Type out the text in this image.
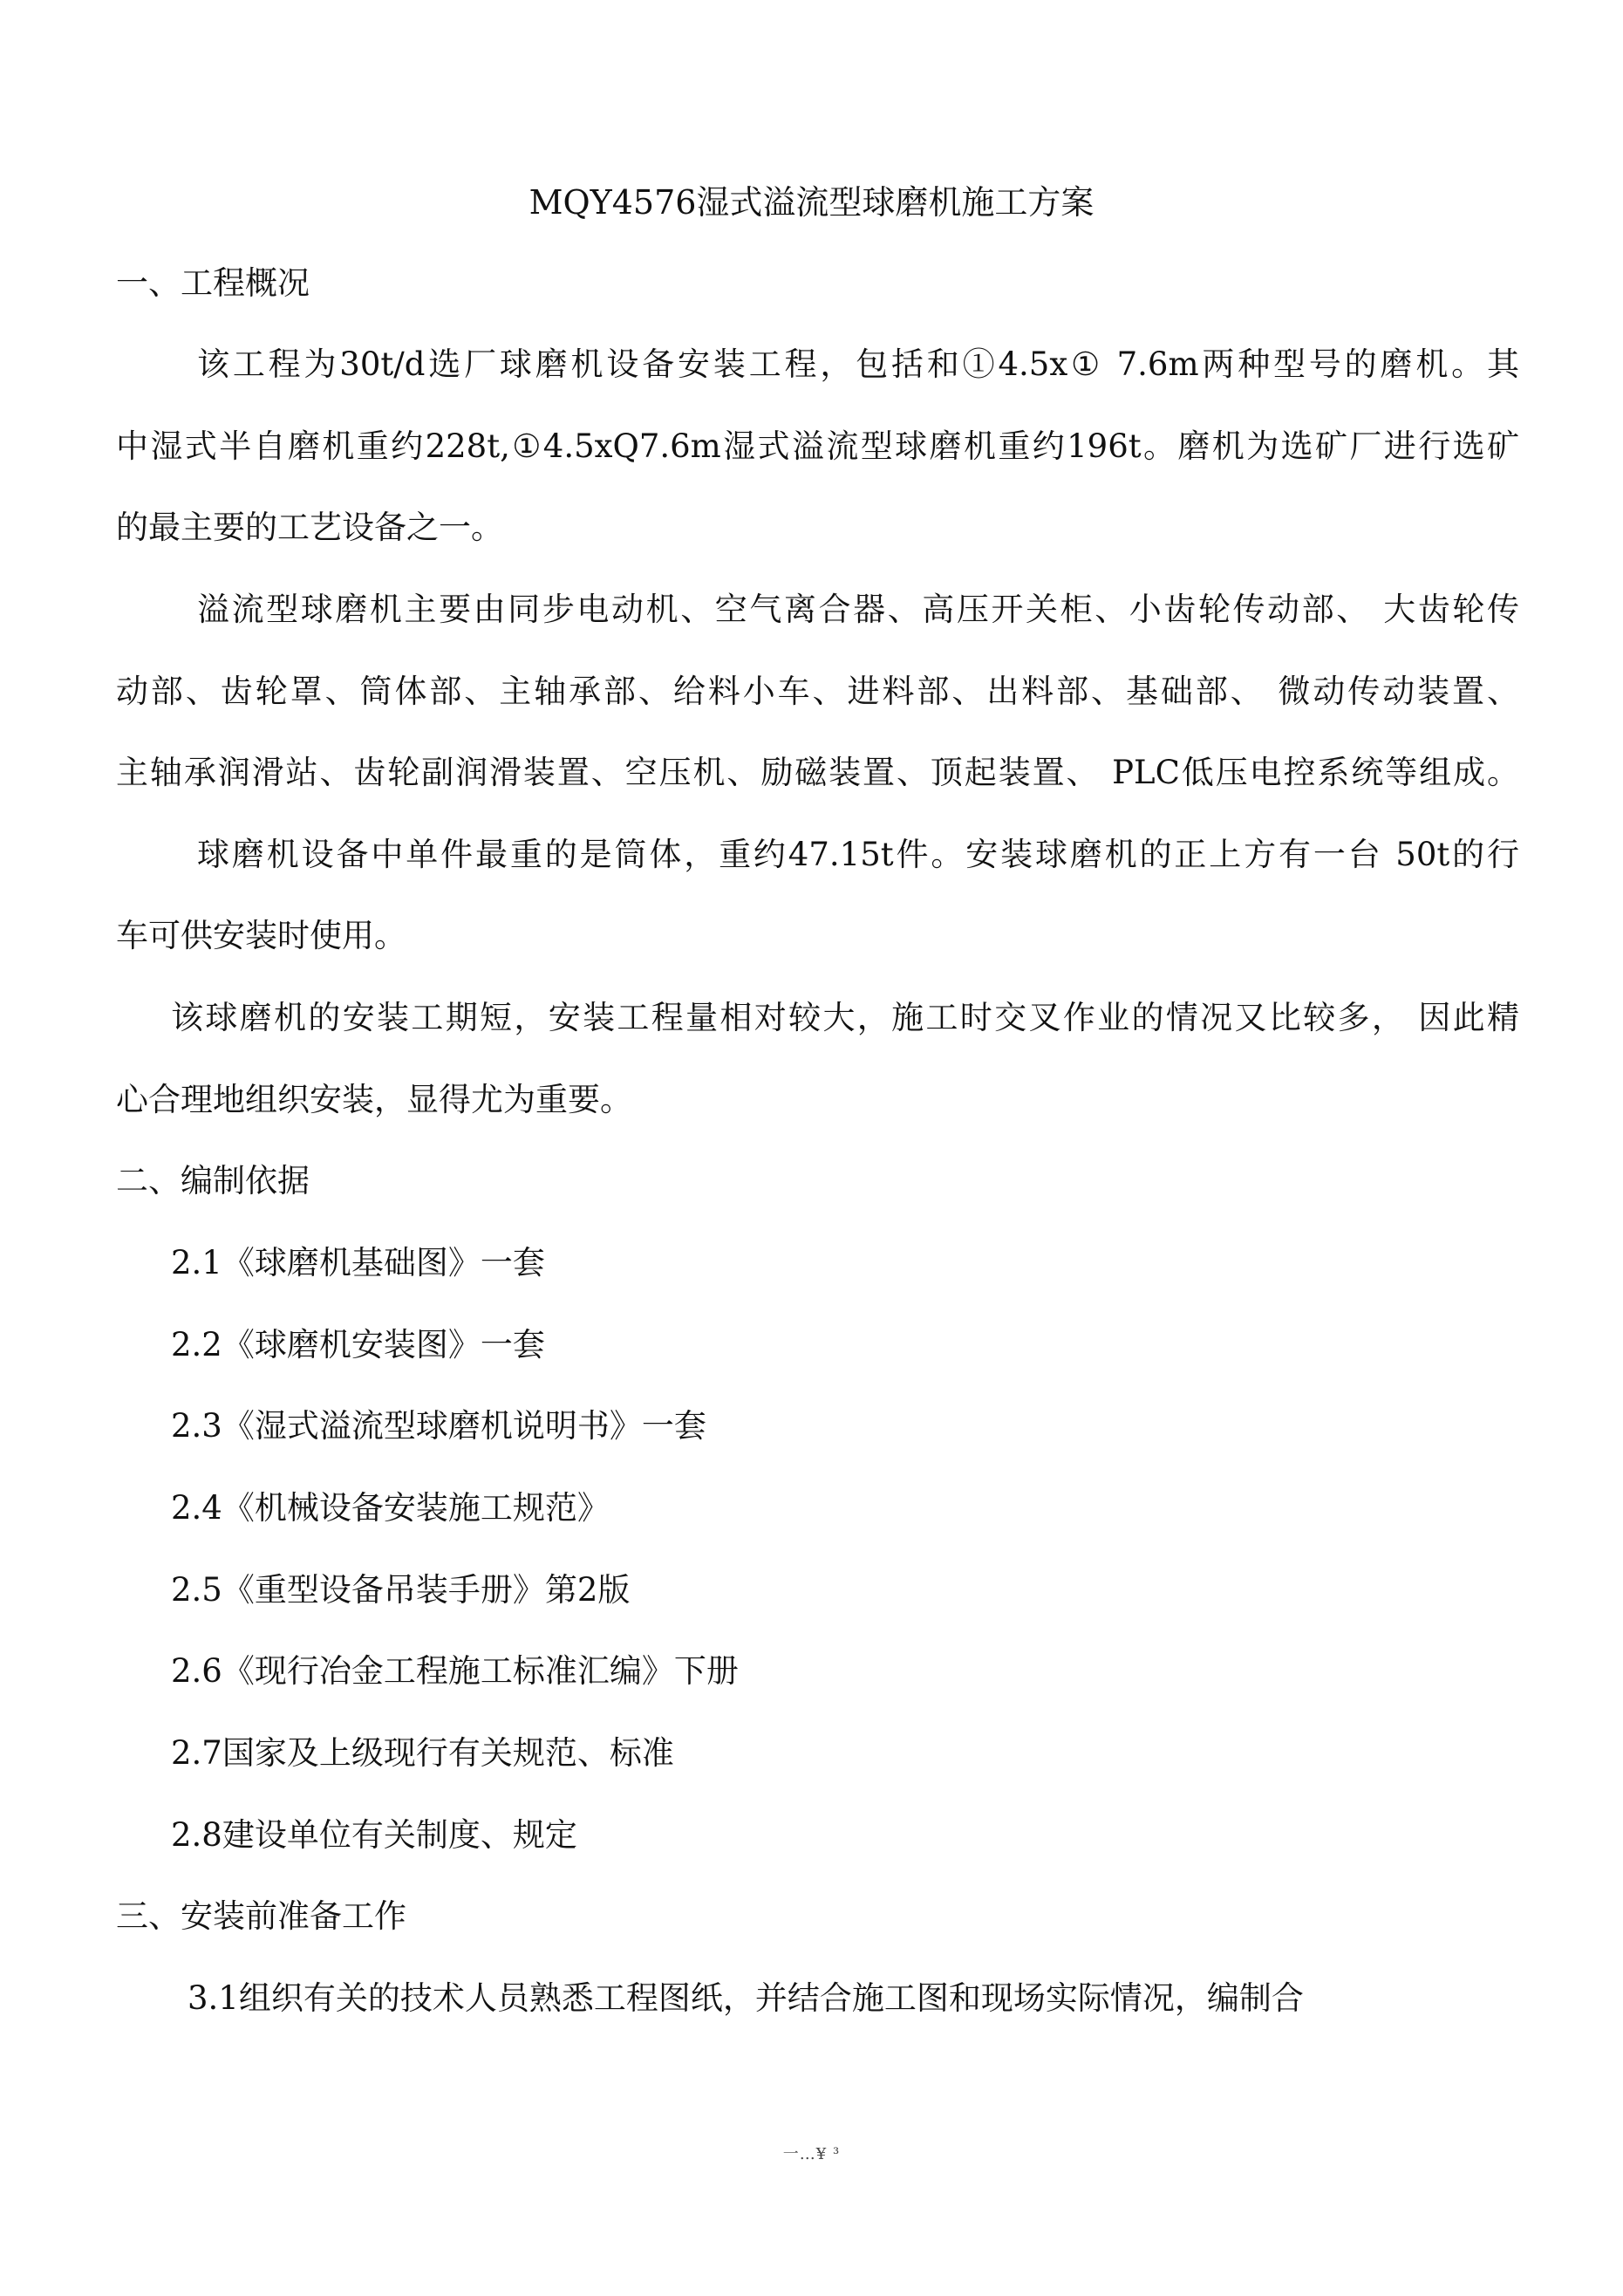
MQY4576湿式溢流型球磨机施工方案
一、工程概况
该工程为30t/d选厂球磨机设备安装工程，包括和①4.5x① 7.6m两种型号的磨机。其
中湿式半自磨机重约228t,①4.5xQ7.6m湿式溢流型球磨机重约196t。磨机为选矿厂进行选矿
的最主要的工艺设备之一。
溢流型球磨机主要由同步电动机、空气离合器、高压开关柜、小齿轮传动部、 大齿轮传
动部、齿轮罩、筒体部、主轴承部、给料小车、进料部、出料部、基础部、 微动传动装置、
主轴承润滑站、齿轮副润滑装置、空压机、励磁装置、顶起装置、 PLC低压电控系统等组成。
球磨机设备中单件最重的是筒体，重约47.15t件。安装球磨机的正上方有一台 50t的行
车可供安装时使用。
该球磨机的安装工期短，安装工程量相对较大，施工时交叉作业的情况又比较多， 因此精
心合理地组织安装，显得尤为重要。
二、编制依据
2.1《球磨机基础图》一套
2.2《球磨机安装图》一套
2.3《湿式溢流型球磨机说明书》一套
2.4《机械设备安装施工规范》
2.5《重型设备吊装手册》第2版
2.6《现行冶金工程施工标准汇编》下册
2.7国家及上级现行有关规范、标准
2.8建设单位有关制度、规定
三、安装前准备工作
3.1组织有关的技术人员熟悉工程图纸，并结合施工图和现场实际情况，编制合
一…¥ ³
